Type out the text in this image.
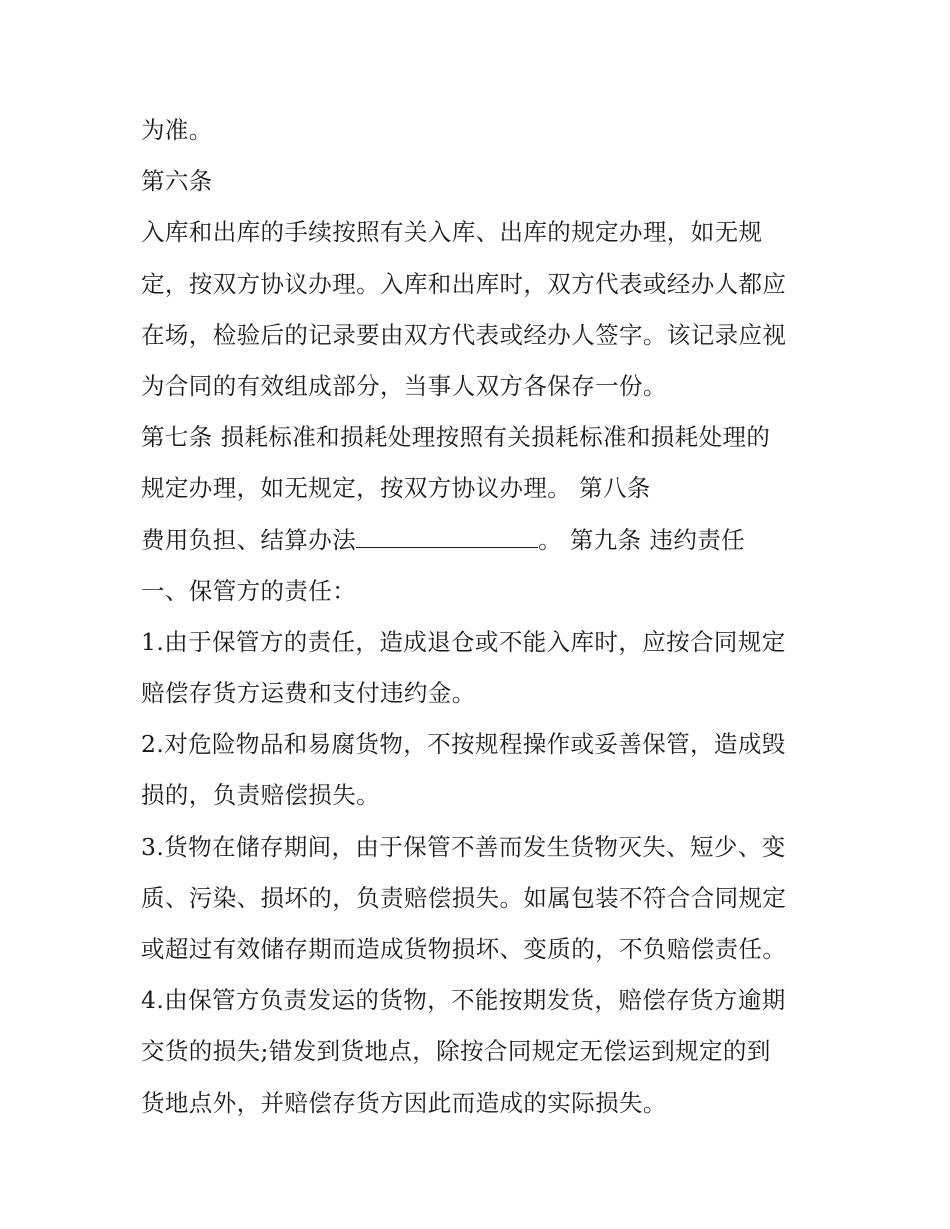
为准。
第六条
入库和出库的手续按照有关入库、出库的规定办理，如无规
定，按双方协议办理。入库和出库时，双方代表或经办人都应
在场，检验后的记录要由双方代表或经办人签字。该记录应视
为合同的有效组成部分，当事人双方各保存一份。
第七条 损耗标准和损耗处理按照有关损耗标准和损耗处理的
规定办理，如无规定，按双方协议办理。 第八条
费用负担、结算办法	。 第九条 违约责任
一、保管方的责任：
1.由于保管方的责任，造成退仓或不能入库时，应按合同规定
赔偿存货方运费和支付违约金。
2.对危险物品和易腐货物，不按规程操作或妥善保管，造成毁
损的，负责赔偿损失。
3.货物在储存期间，由于保管不善而发生货物灭失、短少、变
质、污染、损坏的，负责赔偿损失。如属包装不符合合同规定
或超过有效储存期而造成货物损坏、变质的，不负赔偿责任。
4.由保管方负责发运的货物，不能按期发货，赔偿存货方逾期
交货的损失;错发到货地点，除按合同规定无偿运到规定的到
货地点外，并赔偿存货方因此而造成的实际损失。
